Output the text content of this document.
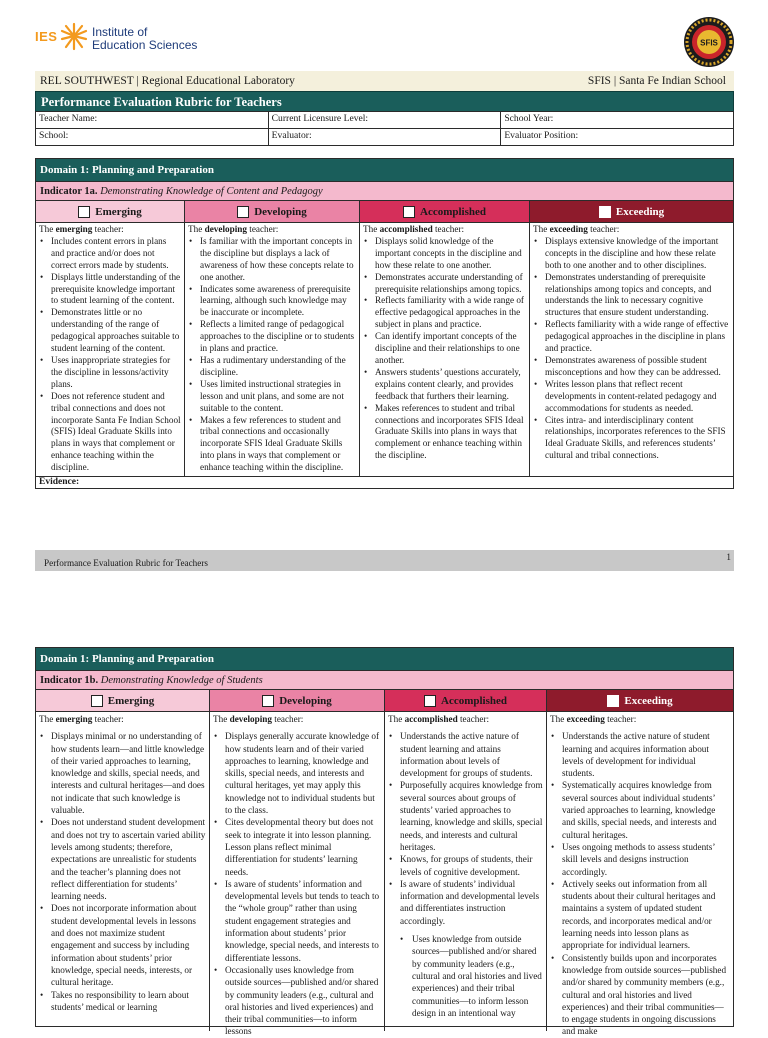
IES	Institute of
Education Sciences	SFIS
REL SOUTHWEST | Regional Educational Laboratory	SFIS | Santa Fe Indian School
Performance Evaluation Rubric for Teachers
Teacher Name:	Current Licensure Level:	School Year:
School:	Evaluator:	Evaluator Position:
Domain 1: Planning and Preparation
Indicator 1a. Demonstrating Knowledge of Content and Pedagogy
Emerging	Developing	Accomplished	Exceeding
The emerging teacher:
• Includes content errors in plans and practice and/or does not correct errors made by students.
• Displays little understanding of the prerequisite knowledge important to student learning of the content.
• Demonstrates little or no understanding of the range of pedagogical approaches suitable to student learning of the content.
• Uses inappropriate strategies for the discipline in lessons/activity plans.
• Does not reference student and tribal connections and does not incorporate Santa Fe Indian School (SFIS) Ideal Graduate Skills into plans in ways that complement or enhance teaching within the discipline.
The developing teacher:
• Is familiar with the important concepts in the discipline but displays a lack of awareness of how these concepts relate to one another.
• Indicates some awareness of prerequisite learning, although such knowledge may be inaccurate or incomplete.
• Reflects a limited range of pedagogical approaches to the discipline or to students in plans and practice.
• Has a rudimentary understanding of the discipline.
• Uses limited instructional strategies in lesson and unit plans, and some are not suitable to the content.
• Makes a few references to student and tribal connections and occasionally incorporate SFIS Ideal Graduate Skills into plans in ways that complement or enhance teaching within the discipline.
The accomplished teacher:
• Displays solid knowledge of the important concepts in the discipline and how these relate to one another.
• Demonstrates accurate understanding of prerequisite relationships among topics.
• Reflects familiarity with a wide range of effective pedagogical approaches in the subject in plans and practice.
• Can identify important concepts of the discipline and their relationships to one another.
• Answers students’ questions accurately, explains content clearly, and provides feedback that furthers their learning.
• Makes references to student and tribal connections and incorporates SFIS Ideal Graduate Skills into plans in ways that complement or enhance teaching within the discipline.
The exceeding teacher:
• Displays extensive knowledge of the important concepts in the discipline and how these relate both to one another and to other disciplines.
• Demonstrates understanding of prerequisite relationships among topics and concepts, and understands the link to necessary cognitive structures that ensure student understanding.
• Reflects familiarity with a wide range of effective pedagogical approaches in the discipline in plans and practice.
• Demonstrates awareness of possible student misconceptions and how they can be addressed.
• Writes lesson plans that reflect recent developments in content-related pedagogy and accommodations for students as needed.
• Cites intra- and interdisciplinary content relationships, incorporates references to the SFIS Ideal Graduate Skills, and references students’ cultural and tribal connections.
Evidence:
Performance Evaluation Rubric for Teachers
1
Domain 1: Planning and Preparation
Indicator 1b. Demonstrating Knowledge of Students
Emerging	Developing	Accomplished	Exceeding
The emerging teacher:
• Displays minimal or no understanding of how students learn—and little knowledge of their varied approaches to learning, knowledge and skills, special needs, and interests and cultural heritages—and does not indicate that such knowledge is valuable.
• Does not understand student development and does not try to ascertain varied ability levels among students; therefore, expectations are unrealistic for students and the teacher’s planning does not reflect differentiation for students’ learning needs.
• Does not incorporate information about student developmental levels in lessons and does not maximize student engagement and success by including information about students’ prior knowledge, special needs, interests, or cultural heritage.
• Takes no responsibility to learn about students’ medical or learning
The developing teacher:
• Displays generally accurate knowledge of how students learn and of their varied approaches to learning, knowledge and skills, special needs, and interests and cultural heritages, yet may apply this knowledge not to individual students but to the class.
• Cites developmental theory but does not seek to integrate it into lesson planning. Lesson plans reflect minimal differentiation for students’ learning needs.
• Is aware of students’ information and developmental levels but tends to teach to the “whole group” rather than using student engagement strategies and information about students’ prior knowledge, special needs, and interests to differentiate lessons.
• Occasionally uses knowledge from outside sources—published and/or shared by community leaders (e.g., cultural and oral histories and lived experiences) and their tribal communities—to inform lessons
The accomplished teacher:
• Understands the active nature of student learning and attains information about levels of development for groups of students.
• Purposefully acquires knowledge from several sources about groups of students’ varied approaches to learning, knowledge and skills, special needs, and interests and cultural heritages.
• Knows, for groups of students, their levels of cognitive development.
• Is aware of students’ individual information and developmental levels and differentiates instruction accordingly.
• Uses knowledge from outside sources—published and/or shared by community leaders (e.g., cultural and oral histories and lived experiences) and their tribal communities—to inform lesson design in an intentional way
The exceeding teacher:
• Understands the active nature of student learning and acquires information about levels of development for individual students.
• Systematically acquires knowledge from several sources about individual students’ varied approaches to learning, knowledge and skills, special needs, and interests and cultural heritages.
• Uses ongoing methods to assess students’ skill levels and designs instruction accordingly.
• Actively seeks out information from all students about their cultural heritages and maintains a system of updated student records, and incorporates medical and/or learning needs into lesson plans as appropriate for individual learners.
• Consistently builds upon and incorporates knowledge from outside sources—published and/or shared by community members (e.g., cultural and oral histories and lived experiences) and their tribal communities—to engage students in ongoing discussions and make
